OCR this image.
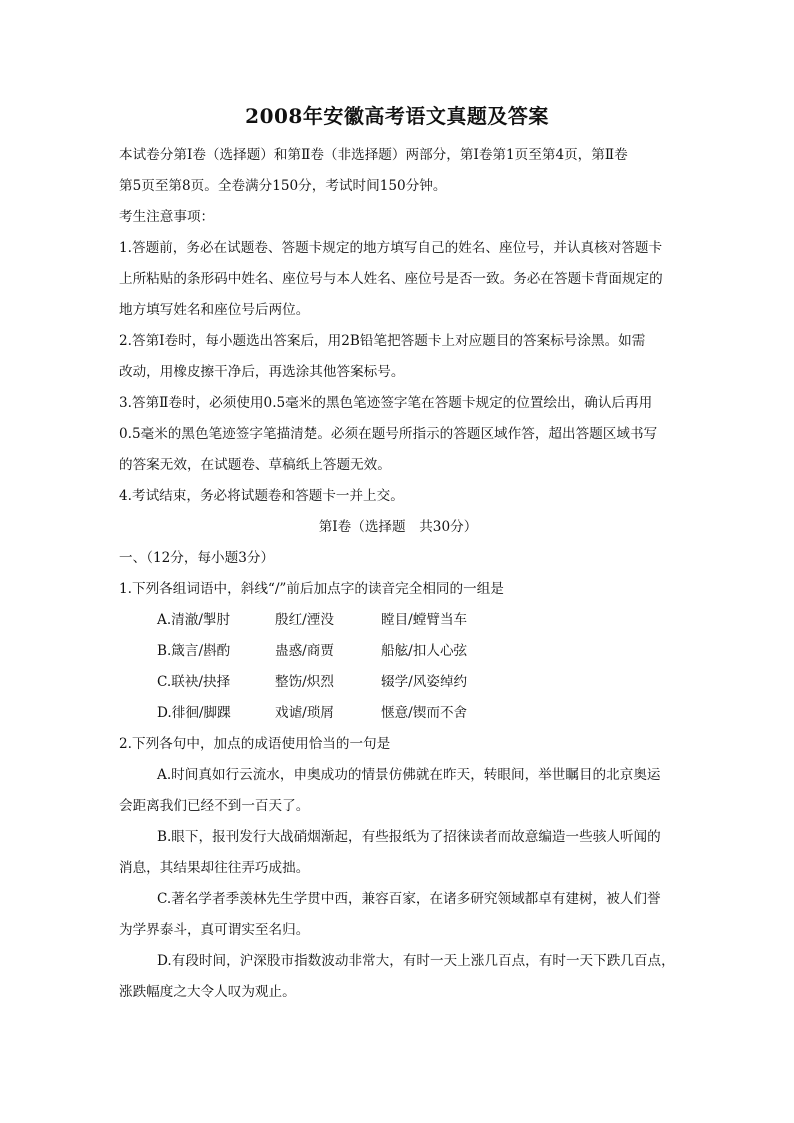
2008年安徽高考语文真题及答案
本试卷分第Ⅰ卷（选择题）和第Ⅱ卷（非选择题）两部分，第Ⅰ卷第1页至第4页，第Ⅱ卷
第5页至第8页。全卷满分150分，考试时间150分钟。
考生注意事项：
1.答题前，务必在试题卷、答题卡规定的地方填写自己的姓名、座位号，并认真核对答题卡
上所粘贴的条形码中姓名、座位号与本人姓名、座位号是否一致。务必在答题卡背面规定的
地方填写姓名和座位号后两位。
2.答第Ⅰ卷时，每小题选出答案后，用2B铅笔把答题卡上对应题目的答案标号涂黑。如需
改动，用橡皮擦干净后，再选涂其他答案标号。
3.答第Ⅱ卷时，必须使用0.5毫米的黑色笔迹签字笔在答题卡规定的位置绘出，确认后再用
0.5毫米的黑色笔迹签字笔描清楚。必须在题号所指示的答题区域作答，超出答题区域书写
的答案无效，在试题卷、草稿纸上答题无效。
4.考试结束，务必将试题卷和答题卡一并上交。
第Ⅰ卷（选择题　共30分）
一、（12分，每小题3分）
1.下列各组词语中，斜线“/”前后加点字的读音完全相同的一组是
A.清澈/掣肘	殷红/湮没	瞠目/螳臂当车
B.箴言/斟酌	蛊惑/商贾	船舷/扣人心弦
C.联袂/抉择	整饬/炽烈	辍学/风姿绰约
D.徘徊/脚踝	戏谑/琐屑	惬意/锲而不舍
2.下列各句中，加点的成语使用恰当的一句是
A.时间真如行云流水，申奥成功的情景仿佛就在昨天，转眼间，举世瞩目的北京奥运
会距离我们已经不到一百天了。
B.眼下，报刊发行大战硝烟渐起，有些报纸为了招徕读者而故意编造一些骇人听闻的
消息，其结果却往往弄巧成拙。
C.著名学者季羡林先生学贯中西，兼容百家，在诸多研究领域都卓有建树，被人们誉
为学界泰斗，真可谓实至名归。
D.有段时间，沪深股市指数波动非常大，有时一天上涨几百点，有时一天下跌几百点，
涨跌幅度之大令人叹为观止。
